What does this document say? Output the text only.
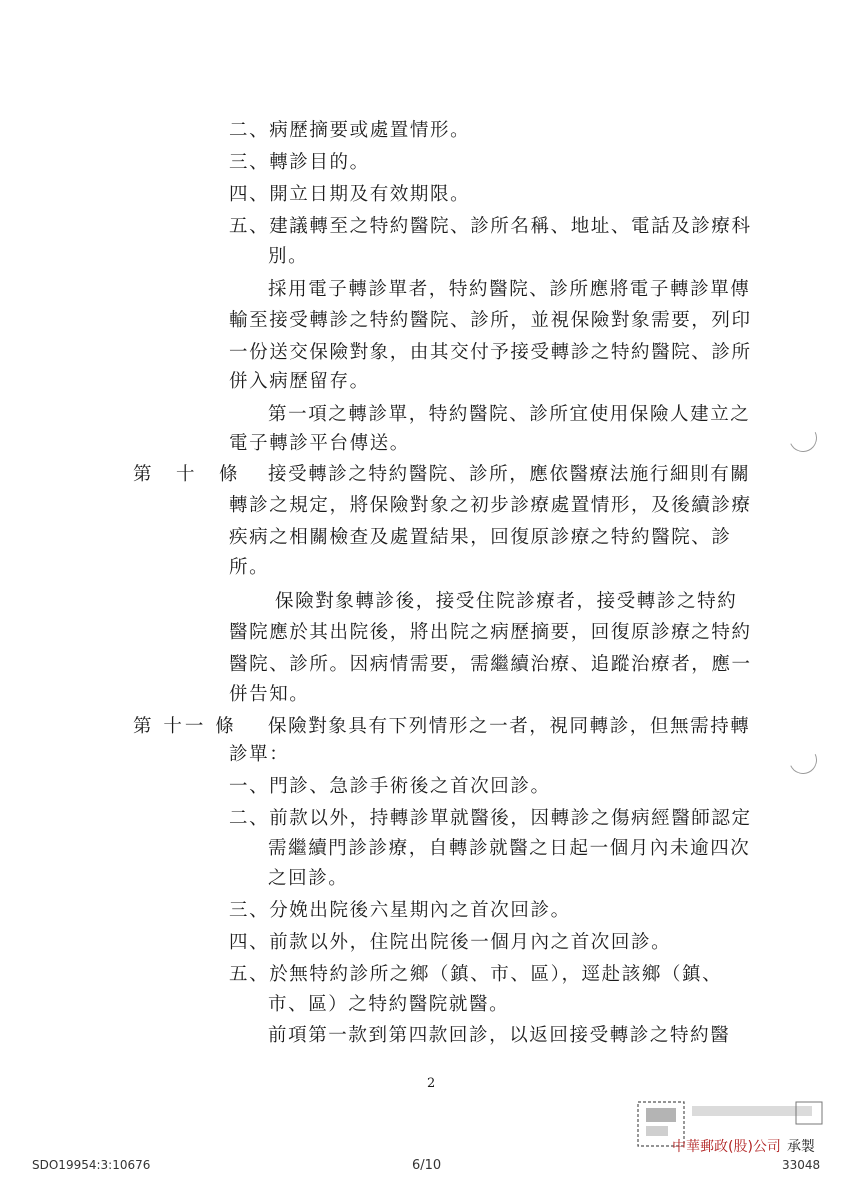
二、病歷摘要或處置情形。
三、轉診目的。
四、開立日期及有效期限。
五、建議轉至之特約醫院、診所名稱、地址、電話及診療科
別。
採用電子轉診單者，特約醫院、診所應將電子轉診單傳
輸至接受轉診之特約醫院、診所，並視保險對象需要，列印
一份送交保險對象，由其交付予接受轉診之特約醫院、診所
併入病歷留存。
第一項之轉診單，特約醫院、診所宜使用保險人建立之
電子轉診平台傳送。
第　十　條 接受轉診之特約醫院、診所，應依醫療法施行細則有關
轉診之規定，將保險對象之初步診療處置情形，及後續診療
疾病之相關檢查及處置結果，回復原診療之特約醫院、診
所。
保險對象轉診後，接受住院診療者，接受轉診之特約
醫院應於其出院後，將出院之病歷摘要，回復原診療之特約
醫院、診所。因病情需要，需繼續治療、追蹤治療者，應一
併告知。
第 十一 條 保險對象具有下列情形之一者，視同轉診，但無需持轉
診單：
一、門診、急診手術後之首次回診。
二、前款以外，持轉診單就醫後，因轉診之傷病經醫師認定
需繼續門診診療，自轉診就醫之日起一個月內未逾四次
之回診。
三、分娩出院後六星期內之首次回診。
四、前款以外，住院出院後一個月內之首次回診。
五、於無特約診所之鄉（鎮、市、區），逕赴該鄉（鎮、
市、區）之特約醫院就醫。
前項第一款到第四款回診，以返回接受轉診之特約醫
2
中華郵政(股)公司 承製
SDO19954:3:10676	6/10	33048
